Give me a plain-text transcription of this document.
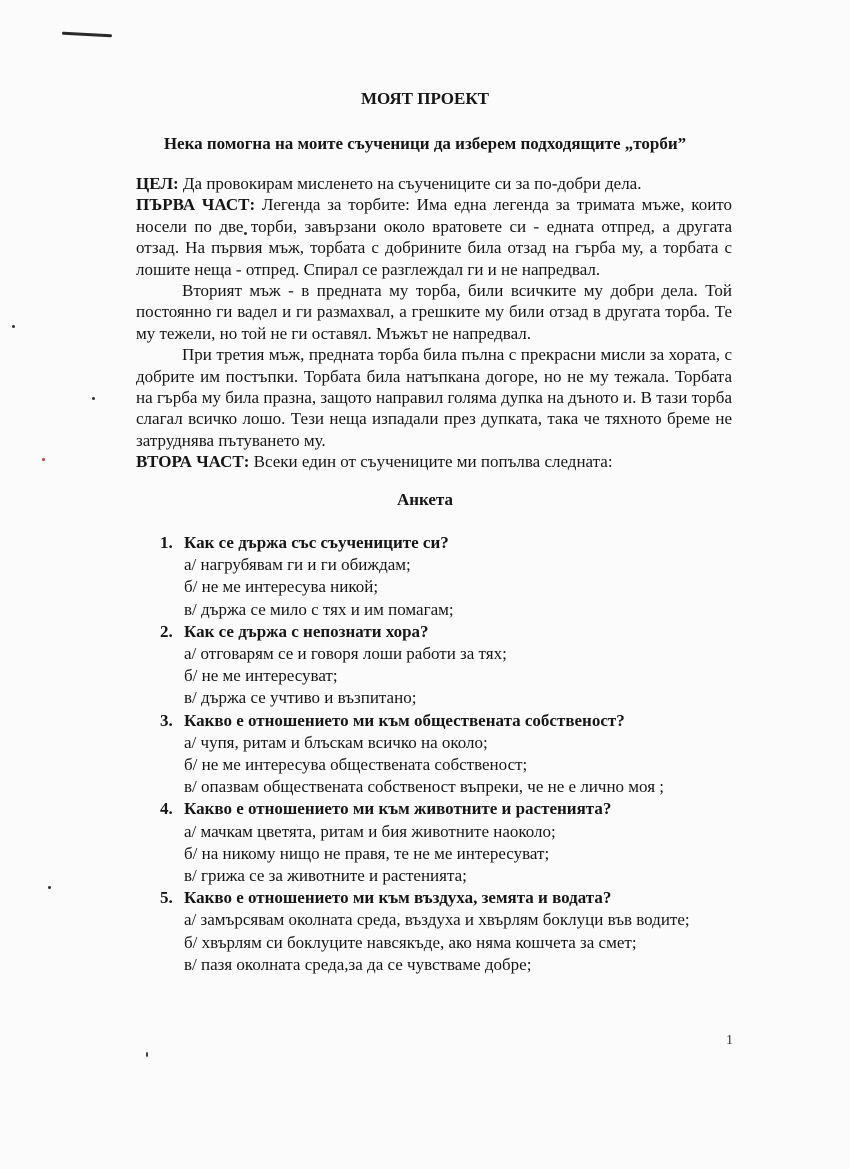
МОЯТ ПРОЕКТ
Нека помогна на моите съученици да изберем подходящите „торби”

ЦЕЛ: Да провокирам мисленето на съучениците си за по-добри дела.

ПЪРВА ЧАСТ: Легенда за торбите: Има една легенда за тримата мъже, които носели по две торби, завързани около вратовете си - едната отпред, а другата отзад. На първия мъж, торбата с добрините била отзад на гърба му, а торбата с лошите неща - отпред. Спирал се разглеждал ги и не напредвал.

Вторият мъж - в предната му торба, били всичките му добри дела. Той постоянно ги вадел и ги размахвал, а грешките му били отзад в другата торба. Те му тежели, но той не ги оставял. Мъжът не напредвал.

При третия мъж, предната торба била пълна с прекрасни мисли за хората, с добрите им постъпки. Торбата била натъпкана догоре, но не му тежала. Торбата на гърба му била празна, защото направил голяма дупка на дъното и. В тази торба слагал всичко лошо. Тези неща изпадали през дупката, така че тяхното бреме не затруднява пътуването му.

ВТОРА ЧАСТ: Всеки един от съучениците ми попълва следната:

Анкета
1. Как се държа със съучениците си?
а/ нагрубявам ги и ги обиждам;
б/ не ме интересува никой;
в/ държа се мило с тях и им помагам;
2. Как се държа с непознати хора?
а/ отговарям се и говоря лоши работи за тях;
б/ не ме интересуват;
в/ държа се учтиво и възпитано;
3. Какво е отношението ми към обществената собственост?
а/ чупя, ритам и блъскам всичко на около;
б/ не ме интересува обществената собственост;
в/ опазвам обществената собственост въпреки, че не е лично моя ;
4. Какво е отношението ми към животните и растенията?
а/ мачкам цветята, ритам и бия животните наоколо;
б/ на никому нищо не правя, те не ме интересуват;
в/ грижа се за животните и растенията;
5. Какво е отношението ми към въздуха, земята и водата?
а/ замърсявам околната среда, въздуха и хвърлям боклуци във водите;
б/ хвърлям си боклуците навсякъде, ако няма кошчета за смет;
в/ пазя околната среда,за да се чувстваме добре;
1
